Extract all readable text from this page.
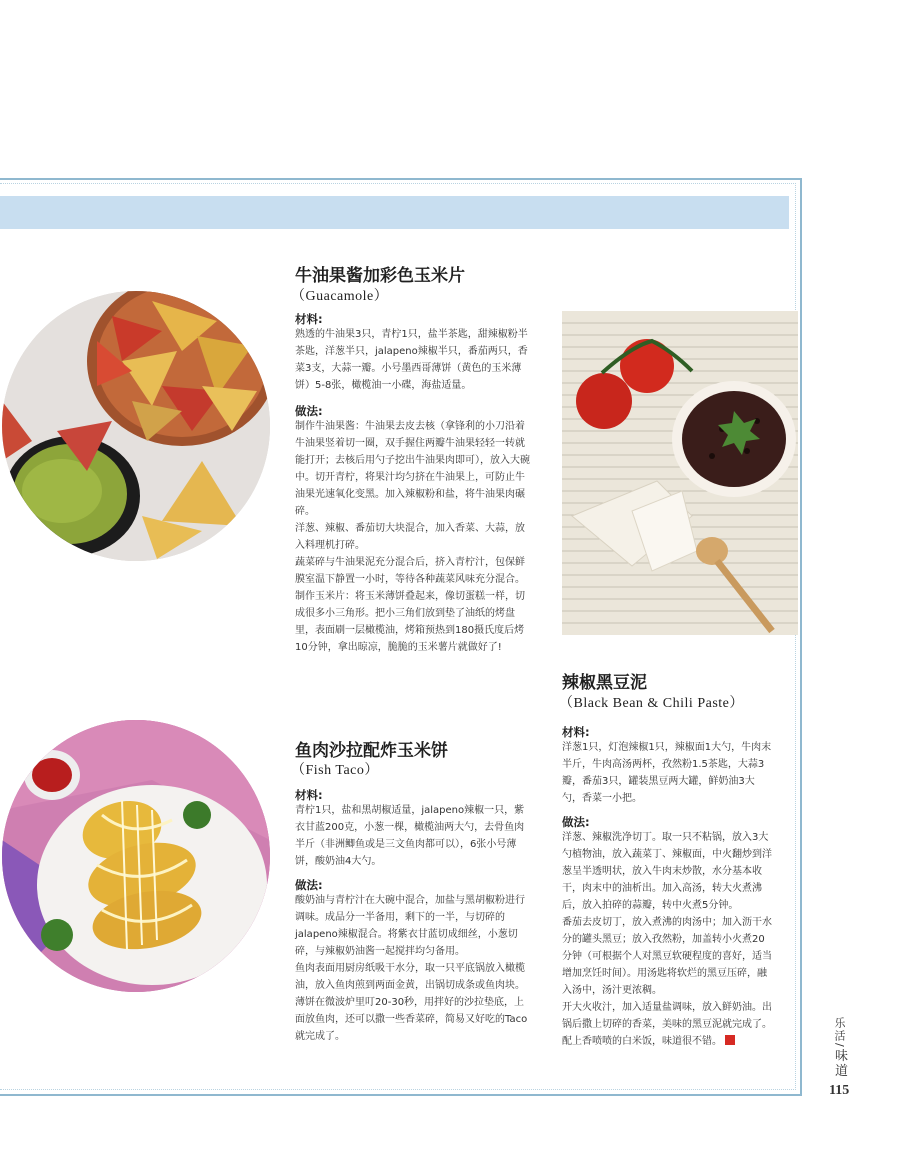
牛油果酱加彩色玉米片
（Guacamole）
材料:

熟透的牛油果3只，青柠1只，盐半茶匙，甜辣椒粉半茶匙，洋葱半只，jalapeno辣椒半只，番茄两只，香菜3支，大蒜一瓣。小号墨西哥薄饼（黄色的玉米薄饼）5-8张，橄榄油一小碟，海盐适量。

做法:

制作牛油果酱：牛油果去皮去核（拿锋利的小刀沿着牛油果竖着切一圈，双手握住两瓣牛油果轻轻一转就能打开；去核后用勺子挖出牛油果肉即可），放入大碗中。切开青柠，将果汁均匀挤在牛油果上，可防止牛油果光速氧化变黑。加入辣椒粉和盐，将牛油果肉碾碎。

洋葱、辣椒、番茄切大块混合，加入香菜、大蒜，放入料理机打碎。

蔬菜碎与牛油果泥充分混合后，挤入青柠汁，包保鲜膜室温下静置一小时，等待各种蔬菜风味充分混合。

制作玉米片：将玉米薄饼叠起来，像切蛋糕一样，切成很多小三角形。把小三角们放到垫了油纸的烤盘里，表面刷一层橄榄油，烤箱预热到180摄氏度后烤10分钟，拿出晾凉，脆脆的玉米薯片就做好了!

辣椒黑豆泥
（Black Bean & Chili Paste）
材料:

洋葱1只，灯泡辣椒1只，辣椒面1大勺，牛肉末半斤，牛肉高汤两杯，孜然粉1.5茶匙，大蒜3瓣，番茄3只，罐装黑豆两大罐，鲜奶油3大勺，香菜一小把。

做法:

洋葱、辣椒洗净切丁。取一只不粘锅，放入3大勺植物油，放入蔬菜丁、辣椒面，中火翻炒到洋葱呈半透明状，放入牛肉末炒散，水分基本收干，肉末中的油析出。加入高汤，转大火煮沸后，放入拍碎的蒜瓣，转中火煮5分钟。

番茄去皮切丁，放入煮沸的肉汤中；加入沥干水分的罐头黑豆；放入孜然粉，加盖转小火煮20分钟（可根据个人对黑豆软硬程度的喜好，适当增加烹饪时间）。用汤匙将软烂的黑豆压碎，融入汤中，汤汁更浓稠。

开大火收汁，加入适量盐调味，放入鲜奶油。出锅后撒上切碎的香菜，美味的黑豆泥就完成了。配上香喷喷的白米饭，味道很不错。

鱼肉沙拉配炸玉米饼
（Fish Taco）
材料:

青柠1只，盐和黑胡椒适量，jalapeno辣椒一只，紫衣甘蓝200克，小葱一棵，橄榄油两大勺，去骨鱼肉半斤（非洲鲫鱼或是三文鱼肉都可以），6张小号薄饼，酸奶油4大勺。

做法:

酸奶油与青柠汁在大碗中混合，加盐与黑胡椒粉进行调味。成品分一半备用，剩下的一半，与切碎的jalapeno辣椒混合。将紫衣甘蓝切成细丝，小葱切碎，与辣椒奶油酱一起搅拌均匀备用。

鱼肉表面用厨房纸吸干水分，取一只平底锅放入橄榄油，放入鱼肉煎到两面金黄，出锅切成条或鱼肉块。薄饼在微波炉里叮20-30秒，用拌好的沙拉垫底，上面放鱼肉，还可以撒一些香菜碎，简易又好吃的Taco就完成了。	乐活/味道
115
